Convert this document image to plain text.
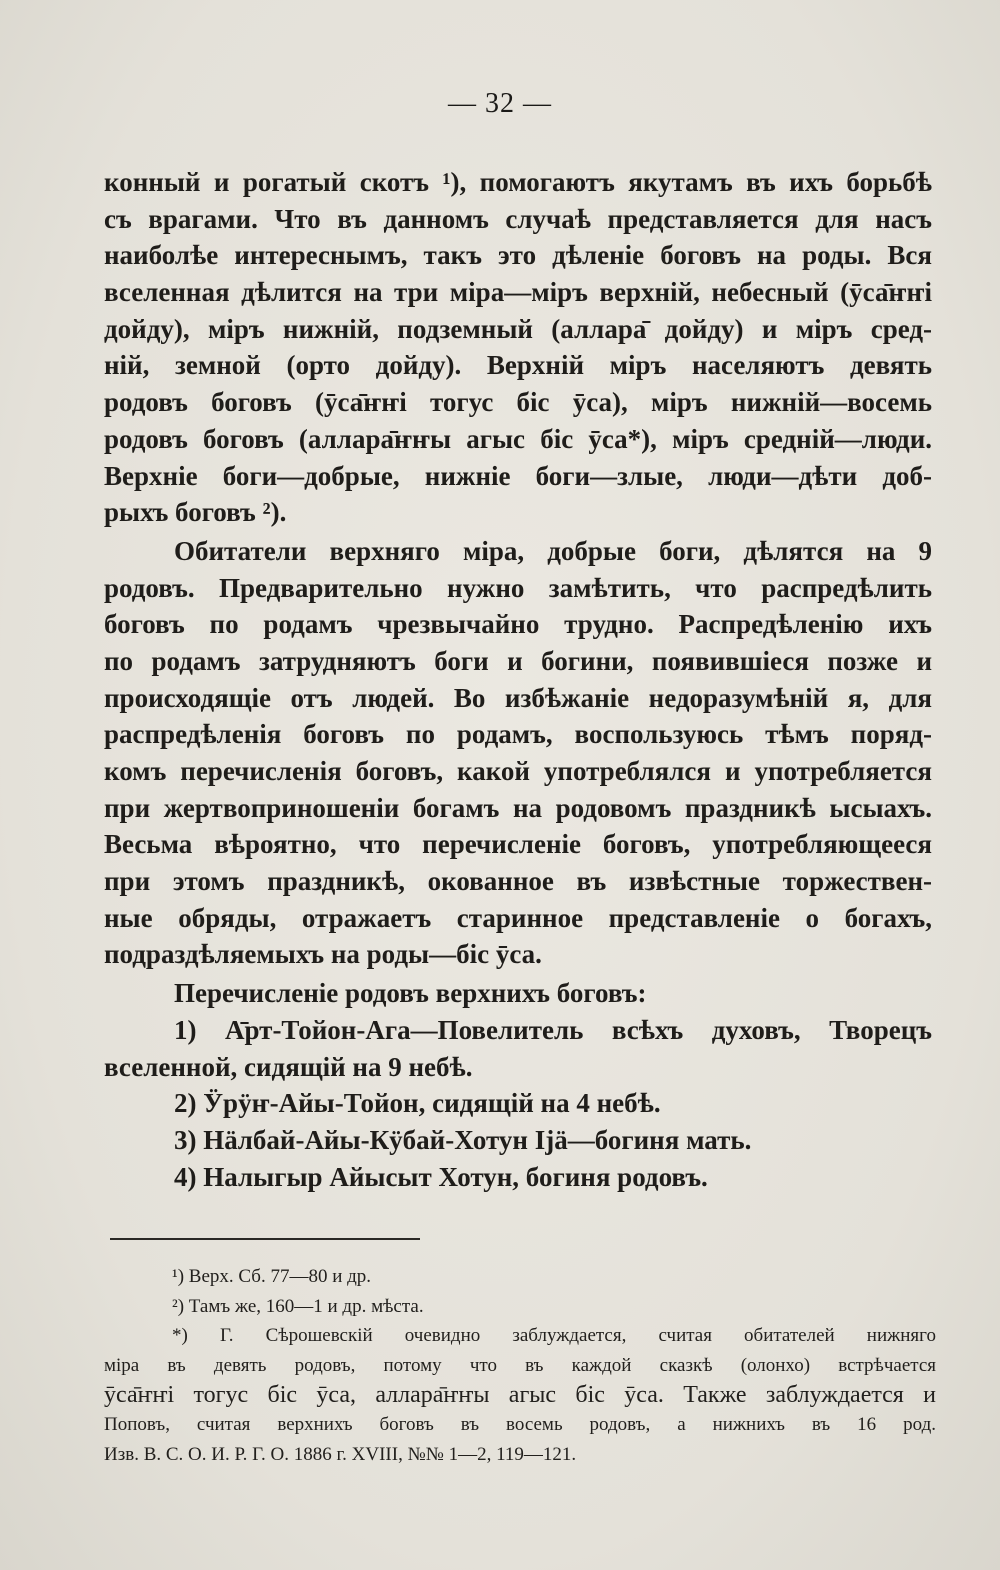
— 32 —
конный и рогатый скотъ ¹), помогаютъ якутамъ въ ихъ борьбѣ
съ врагами. Что въ данномъ случаѣ представляется для насъ
наиболѣе интереснымъ, такъ это дѣленіе боговъ на роды. Вся
вселенная дѣлится на три міра—міръ верхній, небесный (ӯса̄ҥҥі
дойду), міръ нижній, подземный (аллара̄ дойду) и міръ сред-
ній, земной (орто дойду). Верхній міръ населяютъ девять
родовъ боговъ (ӯса̄ҥҥі тогус біс ӯса), міръ нижній—восемь
родовъ боговъ (аллара̄ҥҥы агыс біс ӯса*), міръ средній—люди.
Верхніе боги—добрые, нижніе боги—злые, люди—дѣти доб-
рыхъ боговъ ²).
Обитатели верхняго міра, добрые боги, дѣлятся на 9
родовъ. Предварительно нужно замѣтить, что распредѣлить
боговъ по родамъ чрезвычайно трудно. Распредѣленію ихъ
по родамъ затрудняютъ боги и богини, появившіеся позже и
происходящіе отъ людей. Во избѣжаніе недоразумѣній я, для
распредѣленія боговъ по родамъ, воспользуюсь тѣмъ поряд-
комъ перечисленія боговъ, какой употреблялся и употребляется
при жертвоприношеніи богамъ на родовомъ праздникѣ ысыахъ.
Весьма вѣроятно, что перечисленіе боговъ, употребляющееся
при этомъ праздникѣ, окованное въ извѣстные торжествен-
ные обряды, отражаетъ старинное представленіе о богахъ,
подраздѣляемыхъ на роды—біс ӯса.
Перечисленіе родовъ верхнихъ боговъ:
1) А̄рт-Тойон-Ага—Повелитель всѣхъ духовъ, Творецъ
вселенной, сидящій на 9 небѣ.
2) Ӱрӱҥ-Айы-Тойон, сидящій на 4 небѣ.
3) Нӓлбай-Айы-Кӱбай-Хотун Іјӓ—богиня мать.
4) Налыгыр Айысыт Хотун, богиня родовъ.
¹) Верх. Сб. 77—80 и др.
²) Тамъ же, 160—1 и др. мѣста.
*) Г. Сѣрошевскій очевидно заблуждается, считая обитателей нижняго
міра въ девять родовъ, потому что въ каждой сказкѣ (олонхо) встрѣчается
ӯса̄ҥҥі тогус біс ӯса, аллара̄ҥҥы агыс біс ӯса. Также заблуждается и
Поповъ, считая верхнихъ боговъ въ восемь родовъ, а нижнихъ въ 16 род.
Изв. В. С. О. И. Р. Г. О. 1886 г. XVIII, №№ 1—2, 119—121.
